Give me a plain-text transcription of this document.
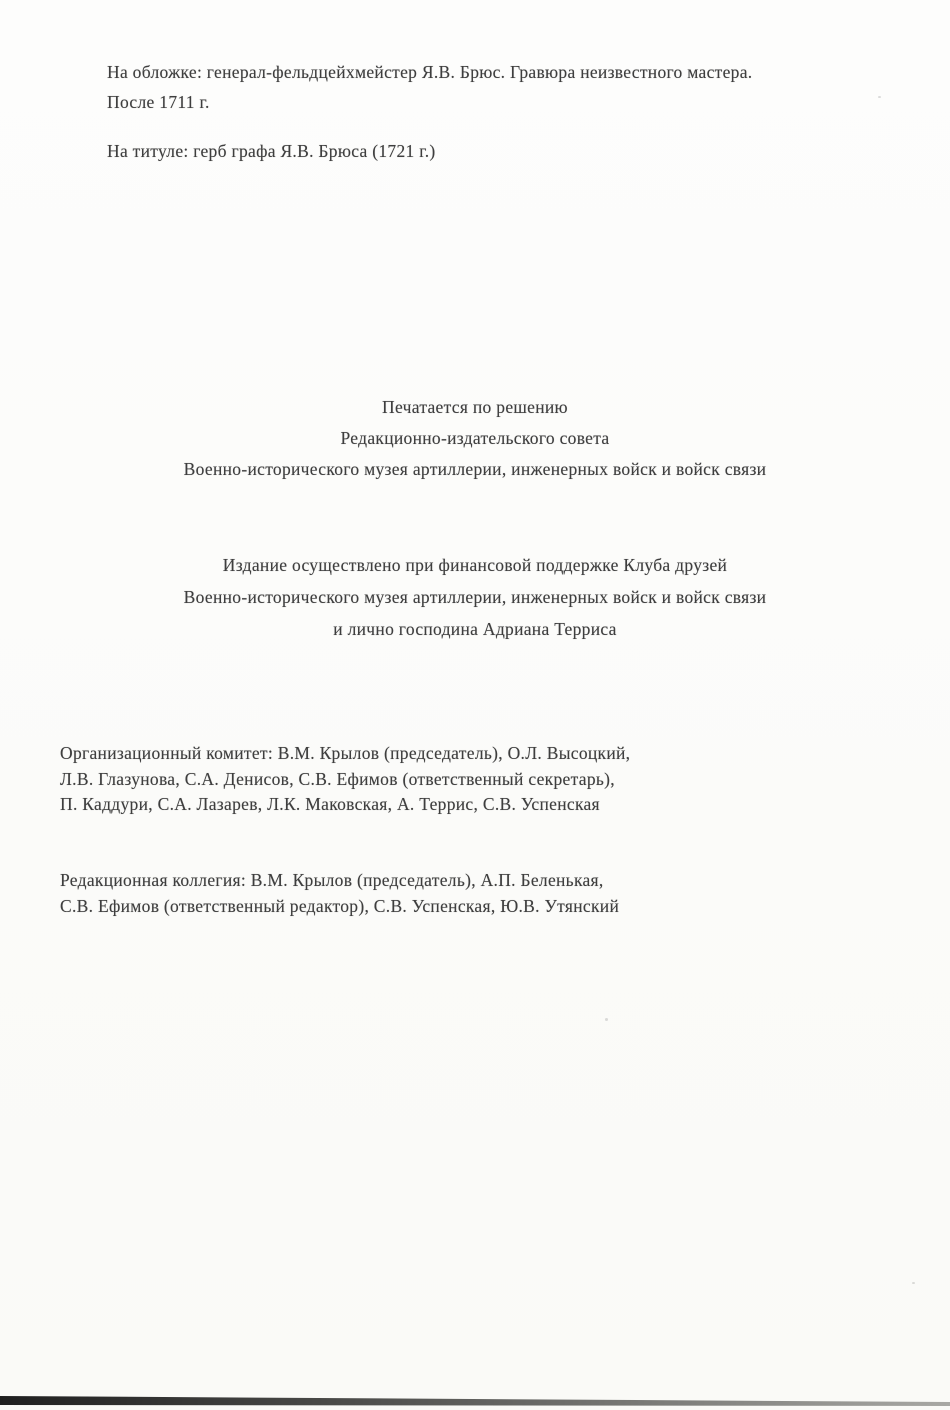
На обложке: генерал-фельдцейхмейстер Я.В. Брюс. Гравюра неизвестного мастера.
После 1711 г.
На титуле: герб графа Я.В. Брюса (1721 г.)
Печатается по решению
Редакционно-издательского совета
Военно-исторического музея артиллерии, инженерных войск и войск связи
Издание осуществлено при финансовой поддержке Клуба друзей
Военно-исторического музея артиллерии, инженерных войск и войск связи
и лично господина Адриана Терриса
Организационный комитет: В.М. Крылов (председатель), О.Л. Высоцкий,
Л.В. Глазунова, С.А. Денисов, С.В. Ефимов (ответственный секретарь),
П. Каддури, С.А. Лазарев, Л.К. Маковская, А. Террис, С.В. Успенская
Редакционная коллегия: В.М. Крылов (председатель), А.П. Беленькая,
С.В. Ефимов (ответственный редактор), С.В. Успенская, Ю.В. Утянский
